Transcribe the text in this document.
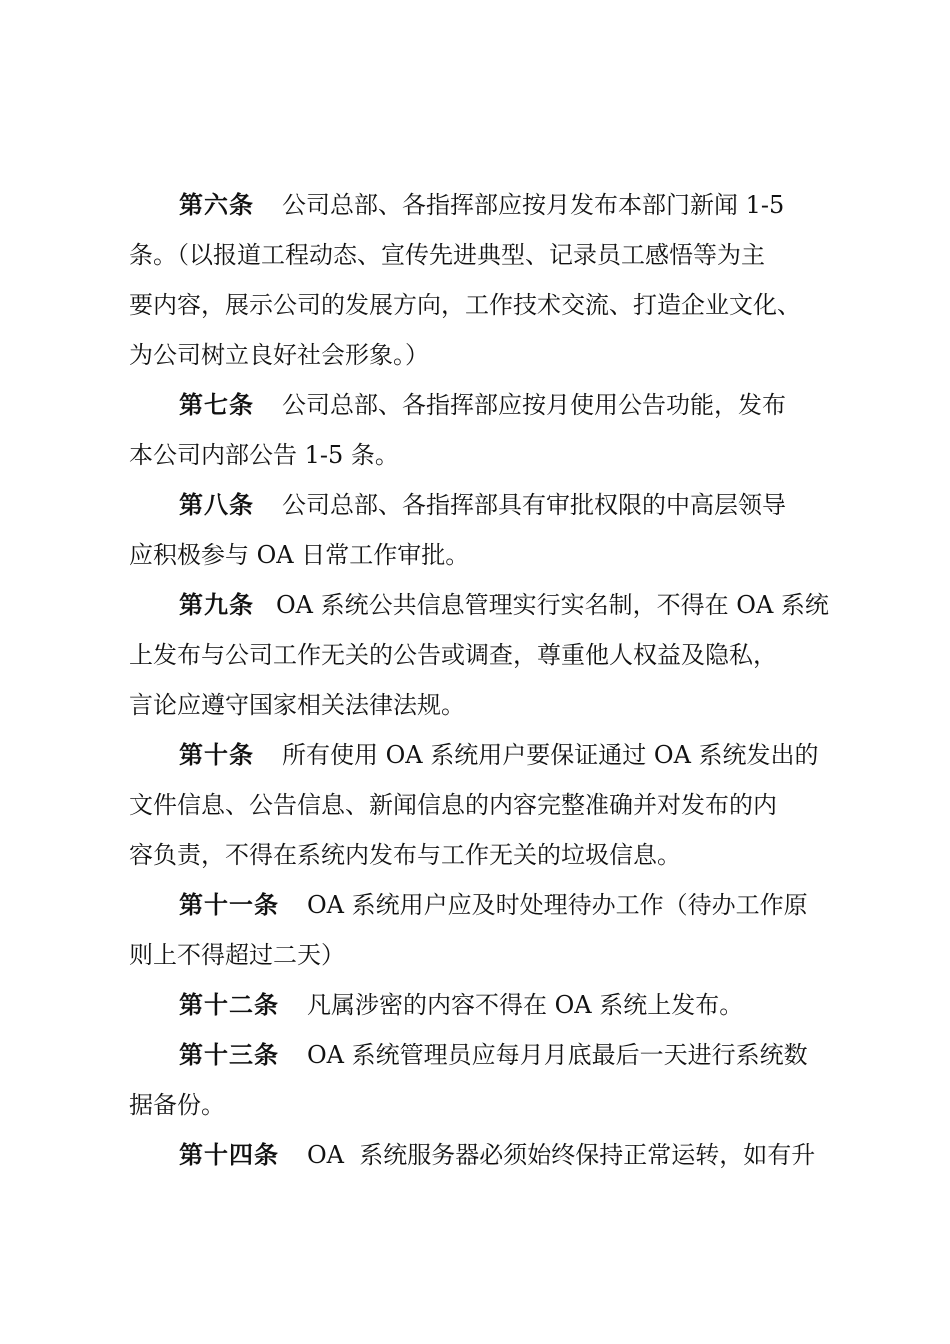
第六条 公司总部、各指挥部应按月发布本部门新闻 1-5
条。（以报道工程动态、宣传先进典型、记录员工感悟等为主
要内容，展示公司的发展方向，工作技术交流、打造企业文化、
为公司树立良好社会形象。）
第七条 公司总部、各指挥部应按月使用公告功能，发布
本公司内部公告 1-5 条。
第八条 公司总部、各指挥部具有审批权限的中高层领导
应积极参与 OA 日常工作审批。
第九条 OA 系统公共信息管理实行实名制，不得在 OA 系统
上发布与公司工作无关的公告或调查，尊重他人权益及隐私，
言论应遵守国家相关法律法规。
第十条 所有使用 OA 系统用户要保证通过 OA 系统发出的
文件信息、公告信息、新闻信息的内容完整准确并对发布的内
容负责，不得在系统内发布与工作无关的垃圾信息。
第十一条 OA 系统用户应及时处理待办工作（待办工作原
则上不得超过二天）
第十二条 凡属涉密的内容不得在 OA 系统上发布。
第十三条 OA 系统管理员应每月月底最后一天进行系统数
据备份。
第十四条 OA  系统服务器必须始终保持正常运转，如有升
